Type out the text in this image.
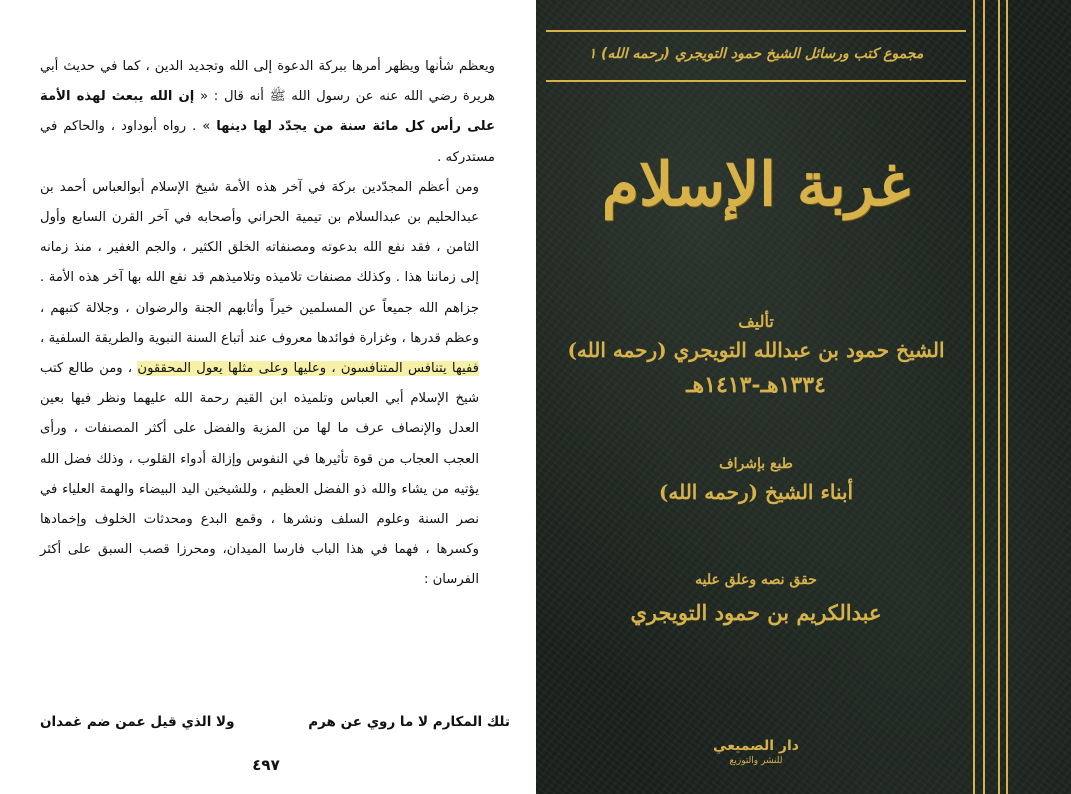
ويعظم شأنها ويظهر أمرها ببركة الدعوة إلى الله وتجديد الدين ، كما في حديث أبي هريرة رضي الله عنه عن رسول الله ﷺ أنه قال : « إن الله يبعث لهذه الأمة على رأس كل مائة سنة من يجدّد لها دينها » . رواه أبوداود ، والحاكم في مستدركه .

ومن أعظم المجدّدين بركة في آخر هذه الأمة شيخ الإسلام أبوالعباس أحمد بن عبدالحليم بن عبدالسلام بن تيمية الحراني وأصحابه في آخر القرن السابع وأول الثامن ، فقد نفع الله بدعوته ومصنفاته الخلق الكثير ، والجم الغفير ، منذ زمانه إلى زماننا هذا . وكذلك مصنفات تلاميذه وتلاميذهم قد نفع الله بها آخر هذه الأمة . جزاهم الله جميعاً عن المسلمين خيراً وأثابهم الجنة والرضوان ، وجلالة كتبهم ، وعظم قدرها ، وغزارة فوائدها معروف عند أتباع السنة النبوية والطريقة السلفية ، ففيها يتنافس المتنافسون ، وعليها وعلى مثلها يعول المحققون ، ومن طالع كتب شيخ الإسلام أبي العباس وتلميذه ابن القيم رحمة الله عليهما ونظر فيها بعين العدل والإنصاف عرف ما لها من المزية والفضل على أكثر المصنفات ، ورأى العجب العجاب من قوة تأثيرها في النفوس وإزالة أدواء القلوب ، وذلك فضل الله يؤتيه من يشاء والله ذو الفضل العظيم ، وللشيخين اليد البيضاء والهمة العلياء في نصر السنة وعلوم السلف ونشرها ، وقمع البدع ومحدثات الخلوف وإخمادها وكسرها ، فهما في هذا الباب فارسا الميدان، ومحرزا قصب السبق على أكثر الفرسان :

تلك المكارم لا ما روي عن هرم
ولا الذي قيل عمن ضم غمدان
٤٩٧
مجموع كتب ورسائل الشيخ حمود التويجري (رحمه الله) ١
غربة الإسلام
تأليف
الشيخ حمود بن عبدالله التويجري (رحمه الله)
١٣٣٤هـ-١٤١٣هـ
طبع بإشراف
أبناء الشيخ (رحمه الله)
حقق نصه وعلق عليه
عبدالكريم بن حمود التويجري
دار الصميعي
للنشر والتوزيع
